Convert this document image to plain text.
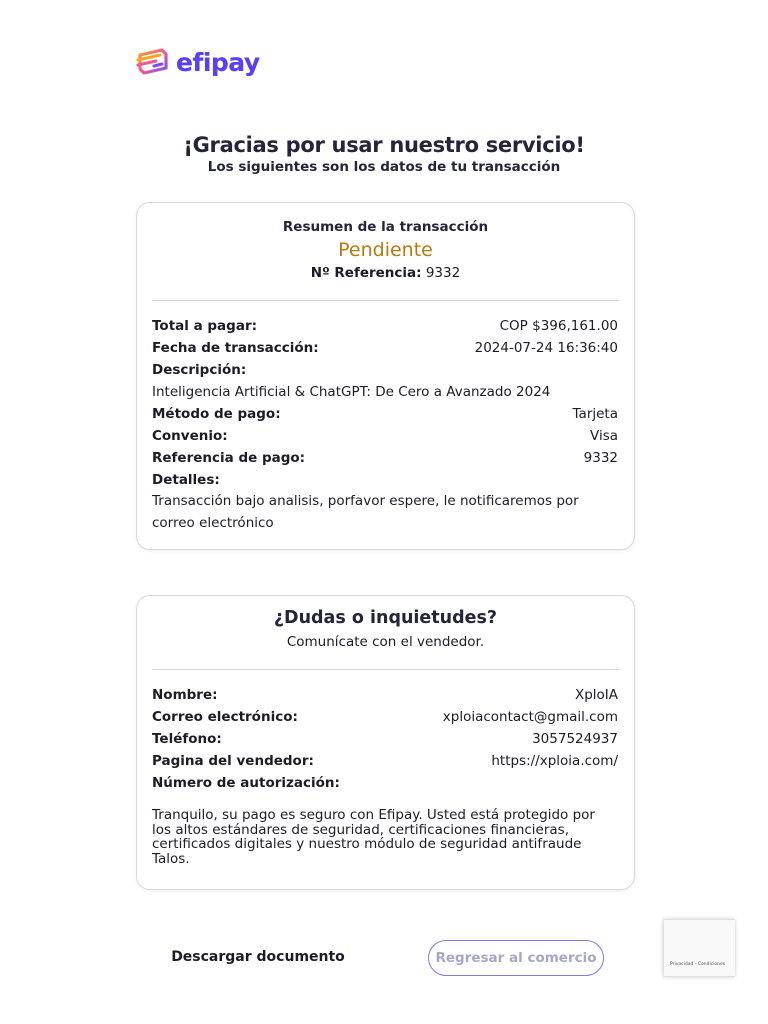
efipay
¡Gracias por usar nuestro servicio!

Los siguientes son los datos de tu transacción

Resumen de la transacción
Pendiente
Nº Referencia: 9332
Total a pagar:	COP $396,161.00
Fecha de transacción:	2024-07-24 16:36:40
Descripción:
Inteligencia Artificial & ChatGPT: De Cero a Avanzado 2024
Método de pago:	Tarjeta
Convenio:	Visa
Referencia de pago:	9332
Detalles:

Transacción bajo analisis, porfavor espere, le notificaremos por correo electrónico

¿Dudas o inquietudes?
Comunícate con el vendedor.
Nombre:	XploIA
Correo electrónico:	xploiacontact@gmail.com
Teléfono:	3057524937
Pagina del vendedor:	https://xploia.com/
Número de autorización:

Tranquilo, su pago es seguro con Efipay. Usted está protegido por los altos estándares de seguridad, certificaciones financieras, certificados digitales y nuestro módulo de seguridad antifraude Talos.

Descargar documento	Regresar al comercio	Privacidad - Condiciones
